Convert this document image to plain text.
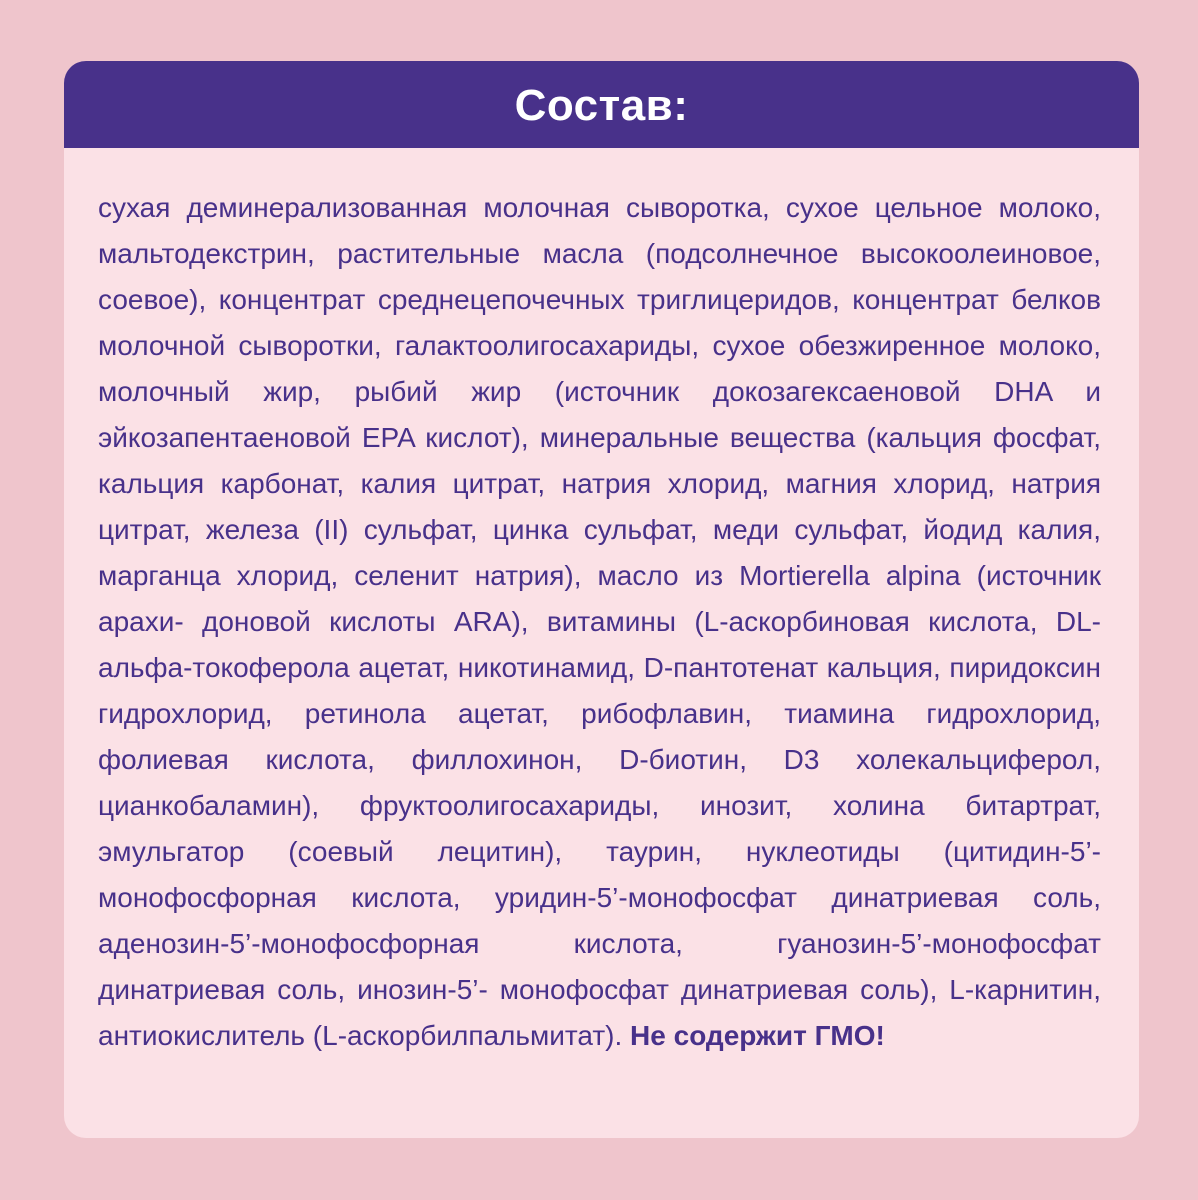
Состав:
сухая деминерализованная молочная сыворотка, сухое цельное молоко, мальтодекстрин, растительные масла (подсолнечное высокоолеиновое, соевое), концентрат среднецепочечных триглицеридов, концентрат белков молочной сыворотки, галактоолигосахариды, сухое обезжиренное молоко, молочный жир, рыбий жир (источник докозагексаеновой DHA и эйкозапентаеновой EPA кислот), минеральные вещества (кальция фосфат, кальция карбонат, калия цитрат, натрия хлорид, магния хлорид, натрия цитрат, железа (II) сульфат, цинка сульфат, меди сульфат, йодид калия, марганца хлорид, селенит натрия), масло из Mortierella alpina (источник арахи- доновой кислоты ARA), витамины (L-аскорбиновая кислота, DL-альфа-токоферола ацетат, никотинамид, D-пантотенат кальция, пиридоксин гидрохлорид, ретинола ацетат, рибофлавин, тиамина гидрохлорид, фолиевая кислота, филлохинон, D-биотин, D3 холекальциферол, цианкобаламин), фруктоолигосахариды, инозит, холина битартрат, эмульгатор (соевый лецитин), таурин, нуклеотиды (цитидин-5’-монофосфорная кислота, уридин-5’-монофосфат динатриевая соль, аденозин-5’-монофосфорная кислота, гуанозин-5’-монофосфат динатриевая соль, инозин-5’- монофосфат динатриевая соль), L-карнитин, антиокислитель (L-аскорбилпальмитат). Не содержит ГМО!
